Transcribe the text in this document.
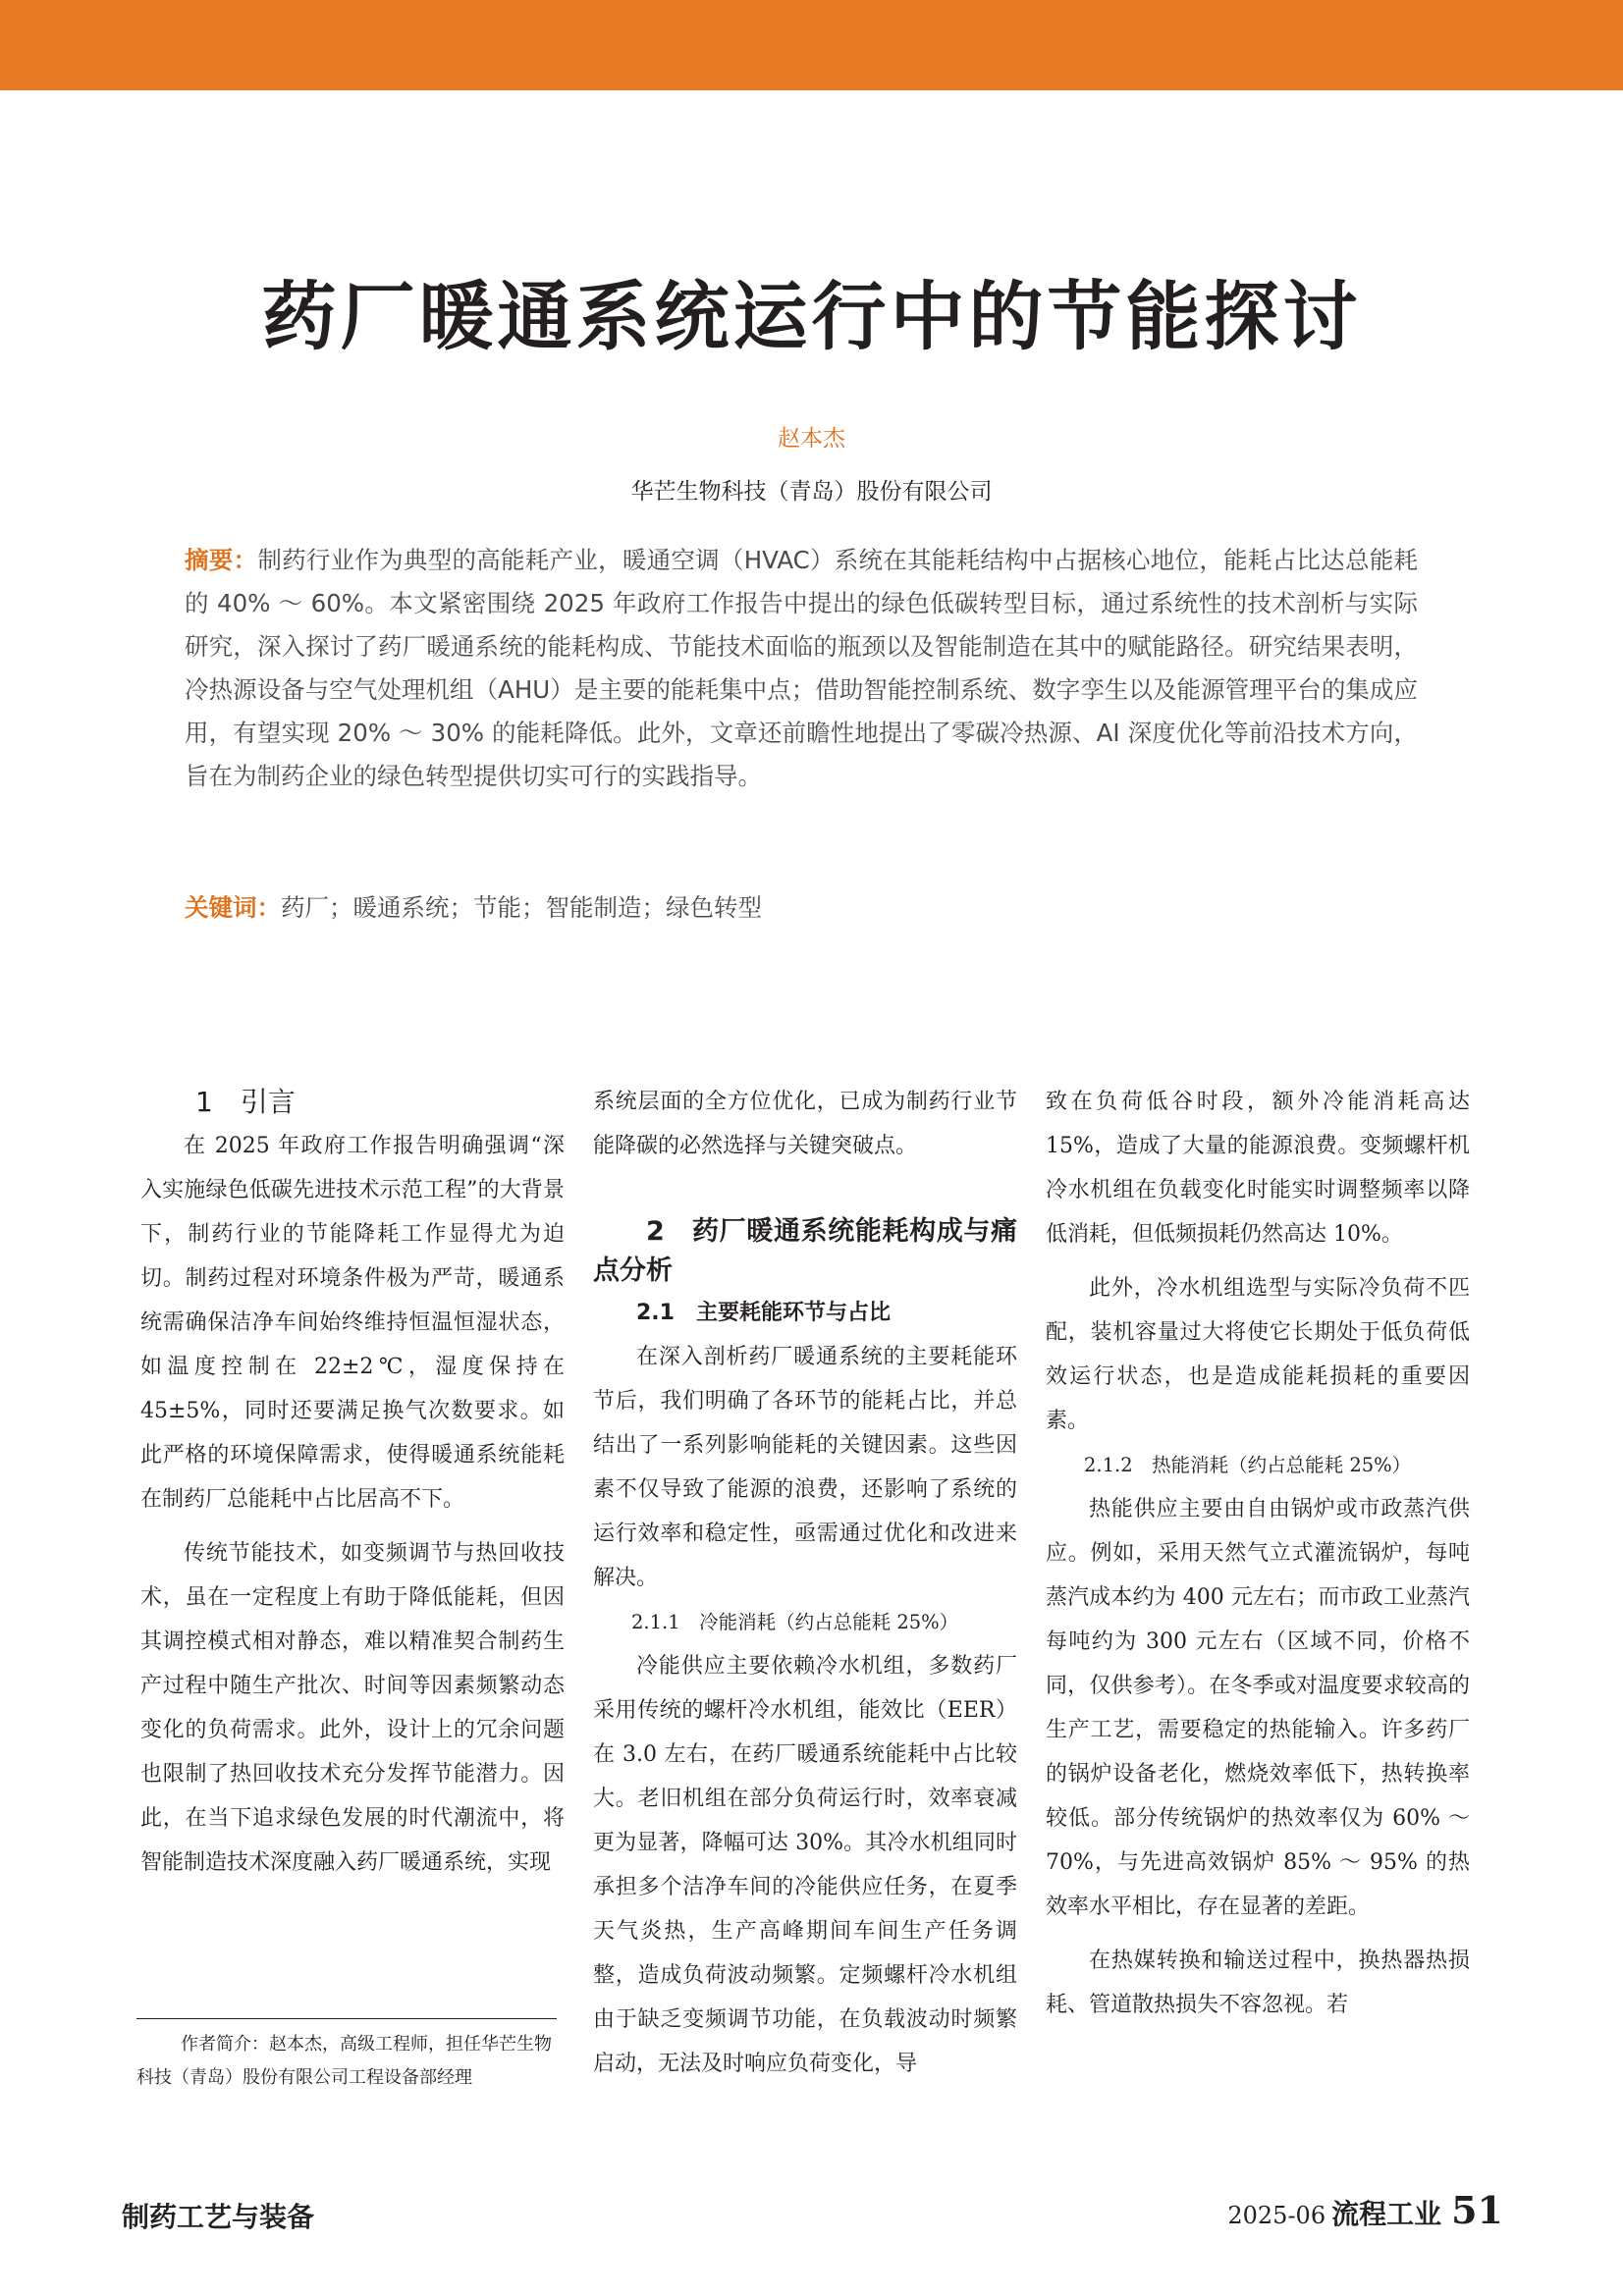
药厂暖通系统运行中的节能探讨
赵本杰
华芒生物科技（青岛）股份有限公司
摘要：制药行业作为典型的高能耗产业，暖通空调（HVAC）系统在其能耗结构中占据核心地位，能耗占比达总能耗的 40% ～ 60%。本文紧密围绕 2025 年政府工作报告中提出的绿色低碳转型目标，通过系统性的技术剖析与实际研究，深入探讨了药厂暖通系统的能耗构成、节能技术面临的瓶颈以及智能制造在其中的赋能路径。研究结果表明，冷热源设备与空气处理机组（AHU）是主要的能耗集中点；借助智能控制系统、数字孪生以及能源管理平台的集成应用，有望实现 20% ～ 30% 的能耗降低。此外，文章还前瞻性地提出了零碳冷热源、AI 深度优化等前沿技术方向，旨在为制药企业的绿色转型提供切实可行的实践指导。
关键词：药厂；暖通系统；节能；智能制造；绿色转型

1　引言

在 2025 年政府工作报告明确强调“深入实施绿色低碳先进技术示范工程”的大背景下，制药行业的节能降耗工作显得尤为迫切。制药过程对环境条件极为严苛，暖通系统需确保洁净车间始终维持恒温恒湿状态，如温度控制在 22±2℃，湿度保持在 45±5%，同时还要满足换气次数要求。如此严格的环境保障需求，使得暖通系统能耗在制药厂总能耗中占比居高不下。

传统节能技术，如变频调节与热回收技术，虽在一定程度上有助于降低能耗，但因其调控模式相对静态，难以精准契合制药生产过程中随生产批次、时间等因素频繁动态变化的负荷需求。此外，设计上的冗余问题也限制了热回收技术充分发挥节能潜力。因此，在当下追求绿色发展的时代潮流中，将智能制造技术深度融入药厂暖通系统，实现

系统层面的全方位优化，已成为制药行业节能降碳的必然选择与关键突破点。

2　药厂暖通系统能耗构成与痛点分析

2.1　主要耗能环节与占比

在深入剖析药厂暖通系统的主要耗能环节后，我们明确了各环节的能耗占比，并总结出了一系列影响能耗的关键因素。这些因素不仅导致了能源的浪费，还影响了系统的运行效率和稳定性，亟需通过优化和改进来解决。

2.1.1　冷能消耗（约占总能耗 25%）

冷能供应主要依赖冷水机组，多数药厂采用传统的螺杆冷水机组，能效比（EER）在 3.0 左右，在药厂暖通系统能耗中占比较大。老旧机组在部分负荷运行时，效率衰减更为显著，降幅可达 30%。其冷水机组同时承担多个洁净车间的冷能供应任务，在夏季天气炎热，生产高峰期间车间生产任务调整，造成负荷波动频繁。定频螺杆冷水机组由于缺乏变频调节功能，在负载波动时频繁启动，无法及时响应负荷变化，导

致在负荷低谷时段，额外冷能消耗高达 15%，造成了大量的能源浪费。变频螺杆机冷水机组在负载变化时能实时调整频率以降低消耗，但低频损耗仍然高达 10%。

此外，冷水机组选型与实际冷负荷不匹配，装机容量过大将使它长期处于低负荷低效运行状态，也是造成能耗损耗的重要因素。

2.1.2　热能消耗（约占总能耗 25%）

热能供应主要由自由锅炉或市政蒸汽供应。例如，采用天然气立式灌流锅炉，每吨蒸汽成本约为 400 元左右；而市政工业蒸汽每吨约为 300 元左右（区域不同，价格不同，仅供参考）。在冬季或对温度要求较高的生产工艺，需要稳定的热能输入。许多药厂的锅炉设备老化，燃烧效率低下，热转换率较低。部分传统锅炉的热效率仅为 60% ～ 70%，与先进高效锅炉 85% ～ 95% 的热效率水平相比，存在显著的差距。

在热媒转换和输送过程中，换热器热损耗、管道散热损失不容忽视。若

作者简介：赵本杰，高级工程师，担任华芒生物科技（青岛）股份有限公司工程设备部经理
制药工艺与装备	2025-06 流程工业 51
